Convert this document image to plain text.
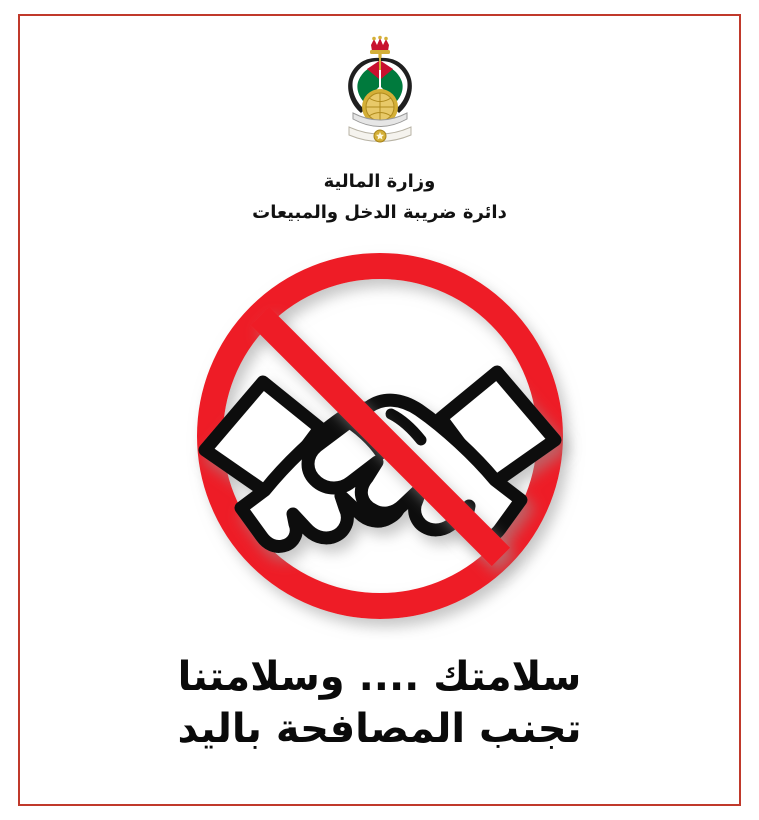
وزارة المالية
دائرة ضريبة الدخل والمبيعات
سلامتك .... وسلامتنا
تجنب المصافحة باليد
